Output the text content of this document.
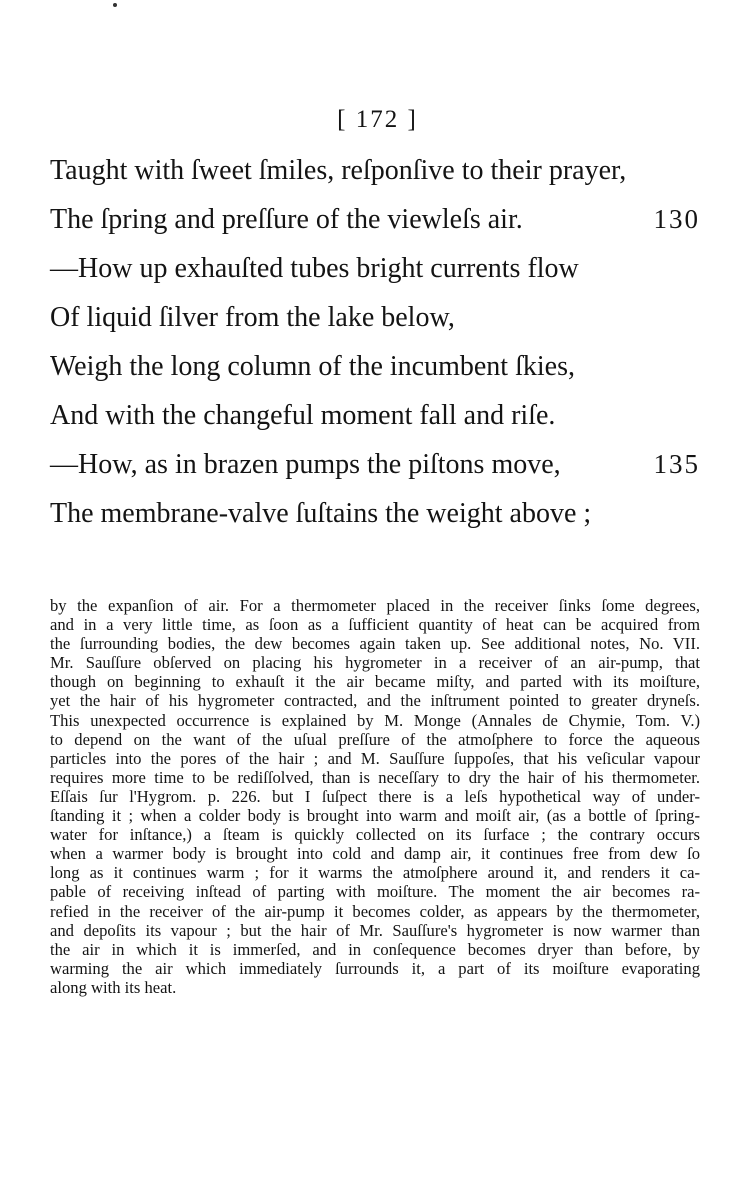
[ 172 ]
Taught with ſweet ſmiles, reſponſive to their prayer,
The ſpring and preſſure of the viewleſs air.	130
—How up exhauſted tubes bright currents flow
Of liquid ſilver from the lake below,
Weigh the long column of the incumbent ſkies,
And with the changeful moment fall and riſe.
—How, as in brazen pumps the piſtons move,	135
The membrane-valve ſuſtains the weight above ;
by the expanſion of air. For a thermometer placed in the receiver ſinks ſome degrees,
and in a very little time, as ſoon as a ſufficient quantity of heat can be acquired from
the ſurrounding bodies, the dew becomes again taken up. See additional notes, No. VII.
Mr. Sauſſure obſerved on placing his hygrometer in a receiver of an air-pump, that
though on beginning to exhauſt it the air became miſty, and parted with its moiſture,
yet the hair of his hygrometer contracted, and the inſtrument pointed to greater dryneſs.
This unexpected occurrence is explained by M. Monge (Annales de Chymie, Tom. V.)
to depend on the want of the uſual preſſure of the atmoſphere to force the aqueous
particles into the pores of the hair ; and M. Sauſſure ſuppoſes, that his veſicular vapour
requires more time to be rediſſolved, than is neceſſary to dry the hair of his thermometer.
Eſſais ſur l'Hygrom. p. 226. but I ſuſpect there is a leſs hypothetical way of under-
ſtanding it ; when a colder body is brought into warm and moiſt air, (as a bottle of ſpring-
water for inſtance,) a ſteam is quickly collected on its ſurface ; the contrary occurs
when a warmer body is brought into cold and damp air, it continues free from dew ſo
long as it continues warm ; for it warms the atmoſphere around it, and renders it ca-
pable of receiving inſtead of parting with moiſture. The moment the air becomes ra-
refied in the receiver of the air-pump it becomes colder, as appears by the thermometer,
and depoſits its vapour ; but the hair of Mr. Sauſſure's hygrometer is now warmer than
the air in which it is immerſed, and in conſequence becomes dryer than before, by
warming the air which immediately ſurrounds it, a part of its moiſture evaporating
along with its heat.
